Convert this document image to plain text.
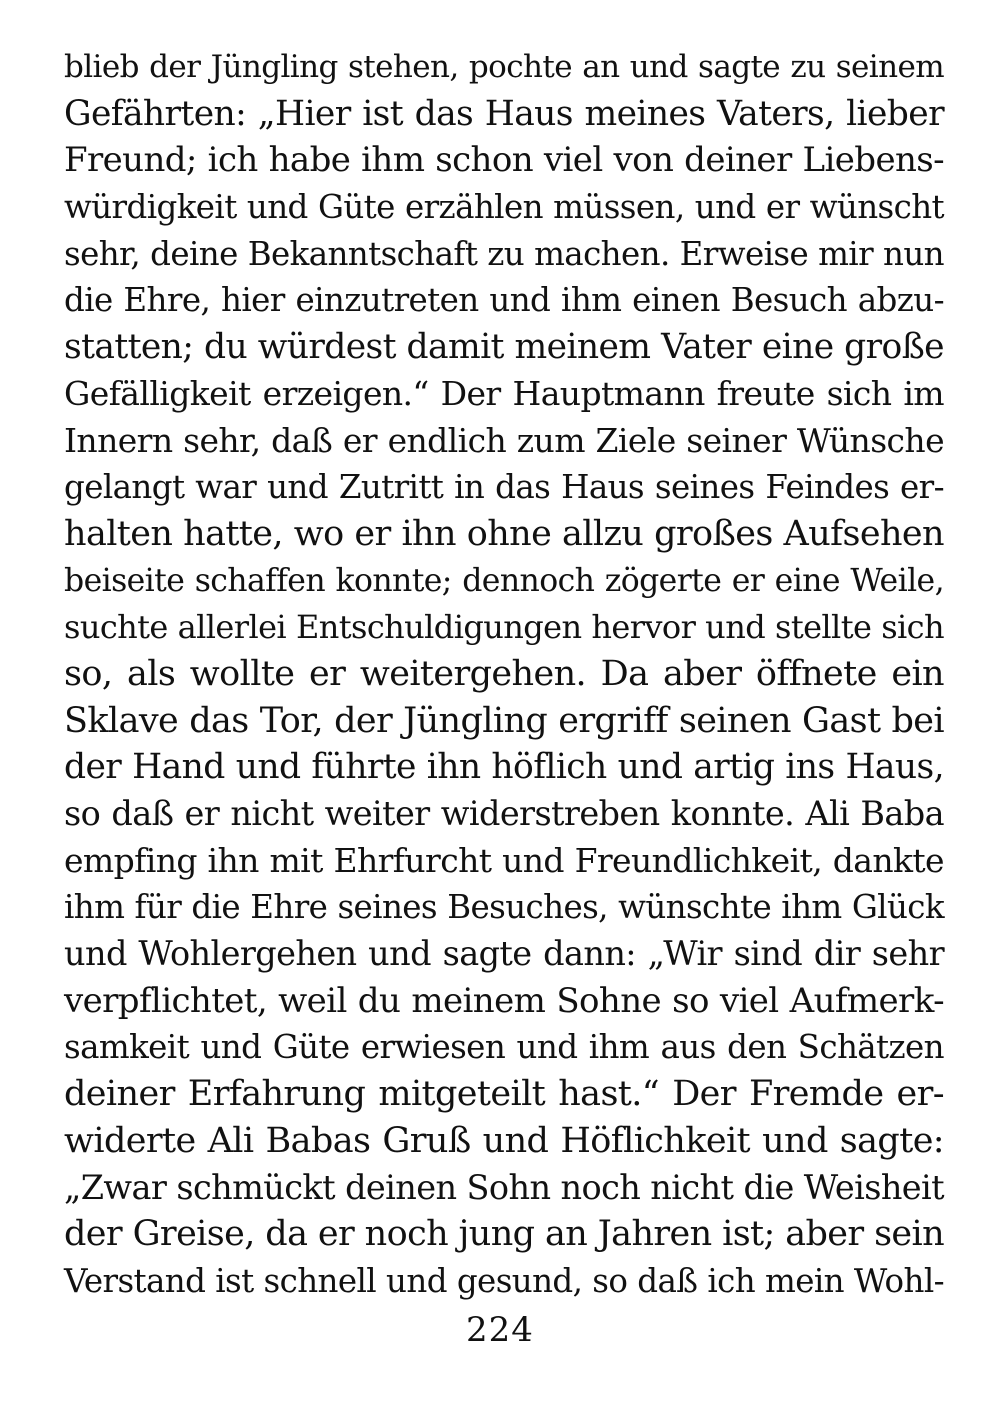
blieb der Jüngling stehen, pochte an und sagte zu seinem
Gefährten: „Hier ist das Haus meines Vaters, lieber
Freund; ich habe ihm schon viel von deiner Liebens-
würdigkeit und Güte erzählen müssen, und er wünscht
sehr, deine Bekanntschaft zu machen. Erweise mir nun
die Ehre, hier einzutreten und ihm einen Besuch abzu-
statten; du würdest damit meinem Vater eine große
Gefälligkeit erzeigen.“ Der Hauptmann freute sich im
Innern sehr, daß er endlich zum Ziele seiner Wünsche
gelangt war und Zutritt in das Haus seines Feindes er-
halten hatte, wo er ihn ohne allzu großes Aufsehen
beiseite schaffen konnte; dennoch zögerte er eine Weile,
suchte allerlei Entschuldigungen hervor und stellte sich
so, als wollte er weitergehen. Da aber öffnete ein
Sklave das Tor, der Jüngling ergriff seinen Gast bei
der Hand und führte ihn höflich und artig ins Haus,
so daß er nicht weiter widerstreben konnte. Ali Baba
empfing ihn mit Ehrfurcht und Freundlichkeit, dankte
ihm für die Ehre seines Besuches, wünschte ihm Glück
und Wohlergehen und sagte dann: „Wir sind dir sehr
verpflichtet, weil du meinem Sohne so viel Aufmerk-
samkeit und Güte erwiesen und ihm aus den Schätzen
deiner Erfahrung mitgeteilt hast.“ Der Fremde er-
widerte Ali Babas Gruß und Höflichkeit und sagte:
„Zwar schmückt deinen Sohn noch nicht die Weisheit
der Greise, da er noch jung an Jahren ist; aber sein
Verstand ist schnell und gesund, so daß ich mein Wohl-
224
